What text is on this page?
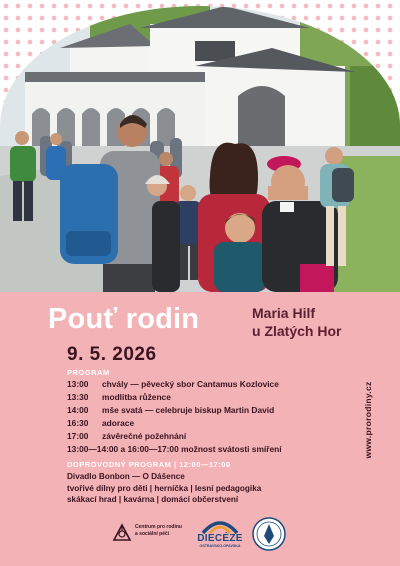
Pouť rodin	Maria Hilf
u Zlatých Hor
9. 5. 2026
PROGRAM
13:00	chvály — pěvecký sbor Cantamus Kozlovice
13:30	modlitba růžence
14:00	mše svatá — celebruje biskup Martin David
16:30	adorace
17:00	závěrečné požehnání
13:00—14:00 a 16:00—17:00 možnost svátosti smíření
DOPROVODNÝ PROGRAM | 12:00—17:00
Divadlo Bonbon — O Dášence
tvořivé dílny pro děti | herníčka | lesní pedagogika
skákací hrad | kavárna | domácí občerstvení
www.prorodiny.cz
Centrum pro rodinu
a sociální péči	DIECÉZE
OSTRAVSKO-OPAVSKÁ
